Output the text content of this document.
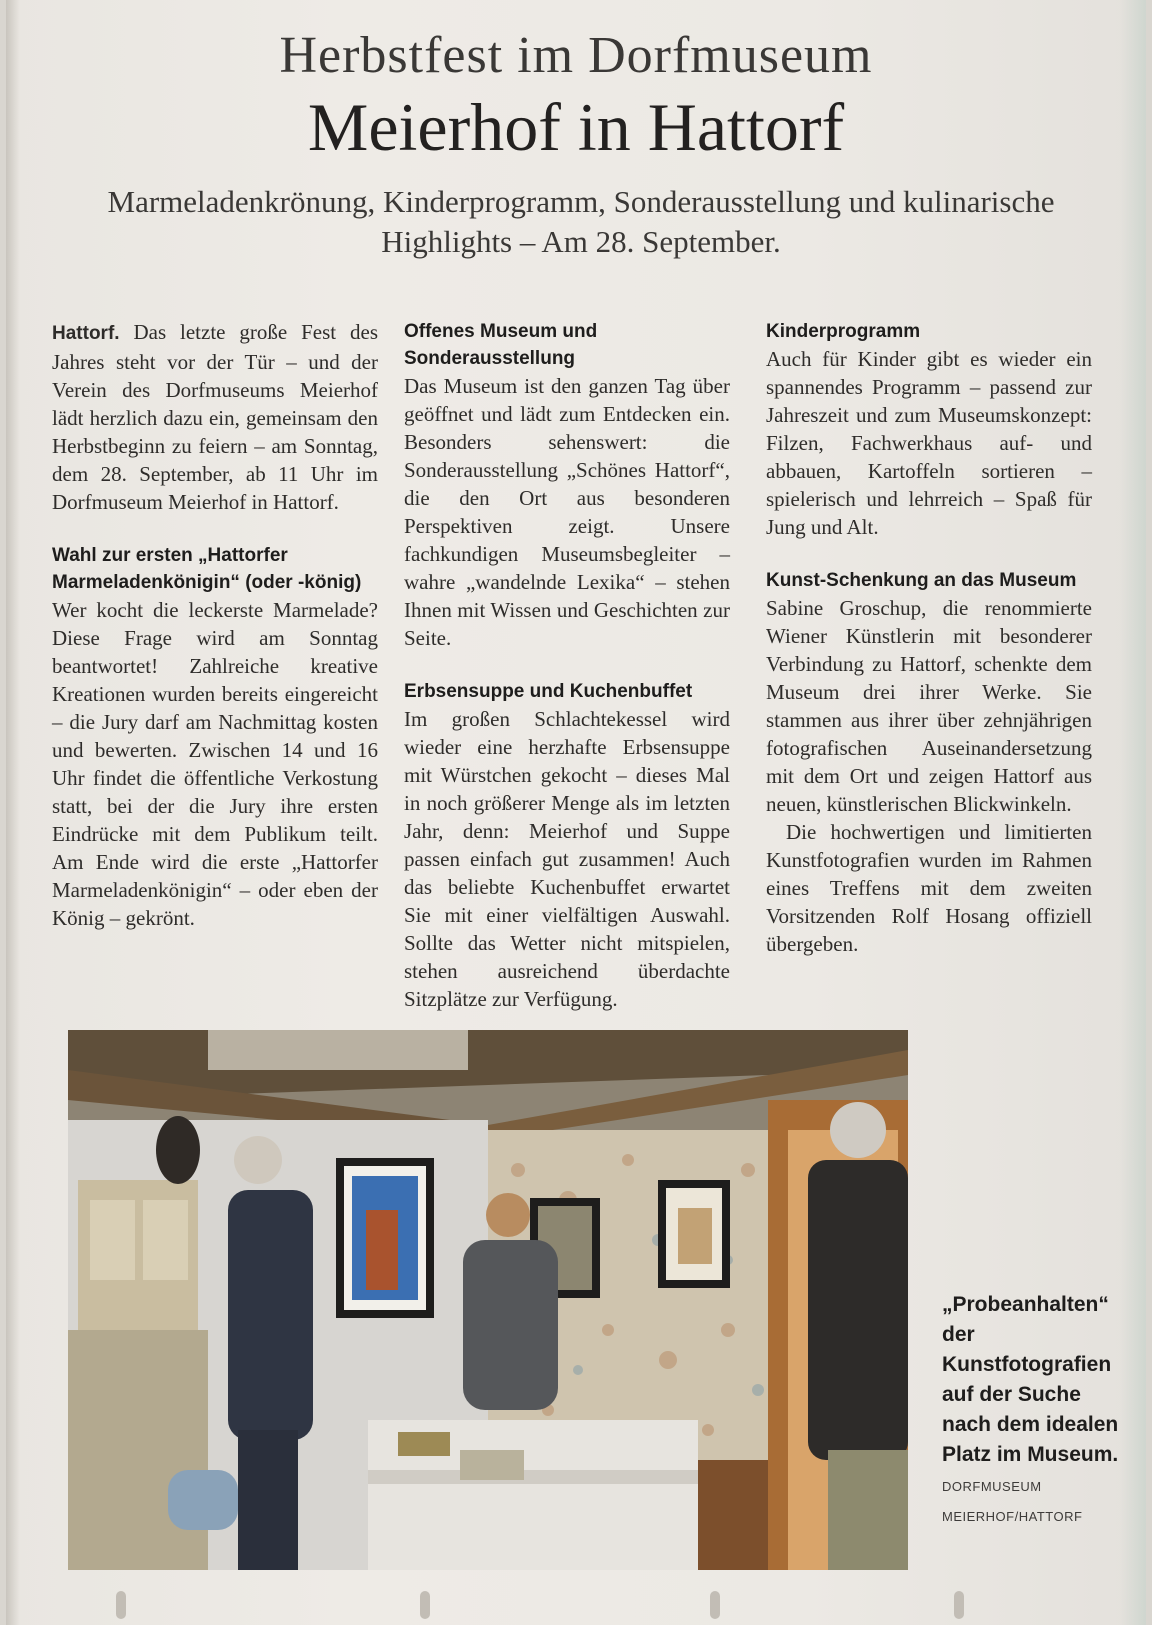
Herbstfest im Dorfmuseum
Meierhof in Hattorf
Marmeladenkrönung, Kinderprogramm, Sonderausstellung und kulinarische Highlights – Am 28. September.

Hattorf. Das letzte große Fest des Jahres steht vor der Tür – und der Verein des Dorfmuseums Meierhof lädt herzlich dazu ein, gemeinsam den Herbstbeginn zu feiern – am Sonntag, dem 28. September, ab 11 Uhr im Dorfmuseum Meierhof in Hattorf.

Wahl zur ersten „Hattorfer Marmeladenkönigin“ (oder -könig)

Wer kocht die leckerste Marmelade? Diese Frage wird am Sonntag beantwortet! Zahlreiche kreative Kreationen wurden bereits eingereicht – die Jury darf am Nachmittag kosten und bewerten. Zwischen 14 und 16 Uhr findet die öffentliche Verkostung statt, bei der die Jury ihre ersten Eindrücke mit dem Publikum teilt. Am Ende wird die erste „Hattorfer Marmeladenkönigin“ – oder eben der König – gekrönt.

Offenes Museum und Sonderausstellung

Das Museum ist den ganzen Tag über geöffnet und lädt zum Entdecken ein. Besonders sehenswert: die Sonderausstellung „Schönes Hattorf“, die den Ort aus besonderen Perspektiven zeigt. Unsere fachkundigen Museumsbegleiter – wahre „wandelnde Lexika“ – stehen Ihnen mit Wissen und Geschichten zur Seite.

Erbsensuppe und Kuchenbuffet

Im großen Schlachtekessel wird wieder eine herzhafte Erbsensuppe mit Würstchen gekocht – dieses Mal in noch größerer Menge als im letzten Jahr, denn: Meierhof und Suppe passen einfach gut zusammen! Auch das beliebte Kuchenbuffet erwartet Sie mit einer vielfältigen Auswahl. Sollte das Wetter nicht mitspielen, stehen ausreichend überdachte Sitzplätze zur Verfügung.

Kinderprogramm

Auch für Kinder gibt es wieder ein spannendes Programm – passend zur Jahreszeit und zum Museumskonzept: Filzen, Fachwerkhaus auf- und abbauen, Kartoffeln sortieren – spielerisch und lehrreich – Spaß für Jung und Alt.

Kunst-Schenkung an das Museum

Sabine Groschup, die renommierte Wiener Künstlerin mit besonderer Verbindung zu Hattorf, schenkte dem Museum drei ihrer Werke. Sie stammen aus ihrer über zehnjährigen fotografischen Auseinandersetzung mit dem Ort und zeigen Hattorf aus neuen, künstlerischen Blickwinkeln.

Die hochwertigen und limitierten Kunstfotografien wurden im Rahmen eines Treffens mit dem zweiten Vorsitzenden Rolf Hosang offiziell übergeben.

„Probeanhalten“ der Kunstfotografien auf der Suche nach dem idealen Platz im Museum. DORFMUSEUM MEIERHOF/HATTORF
